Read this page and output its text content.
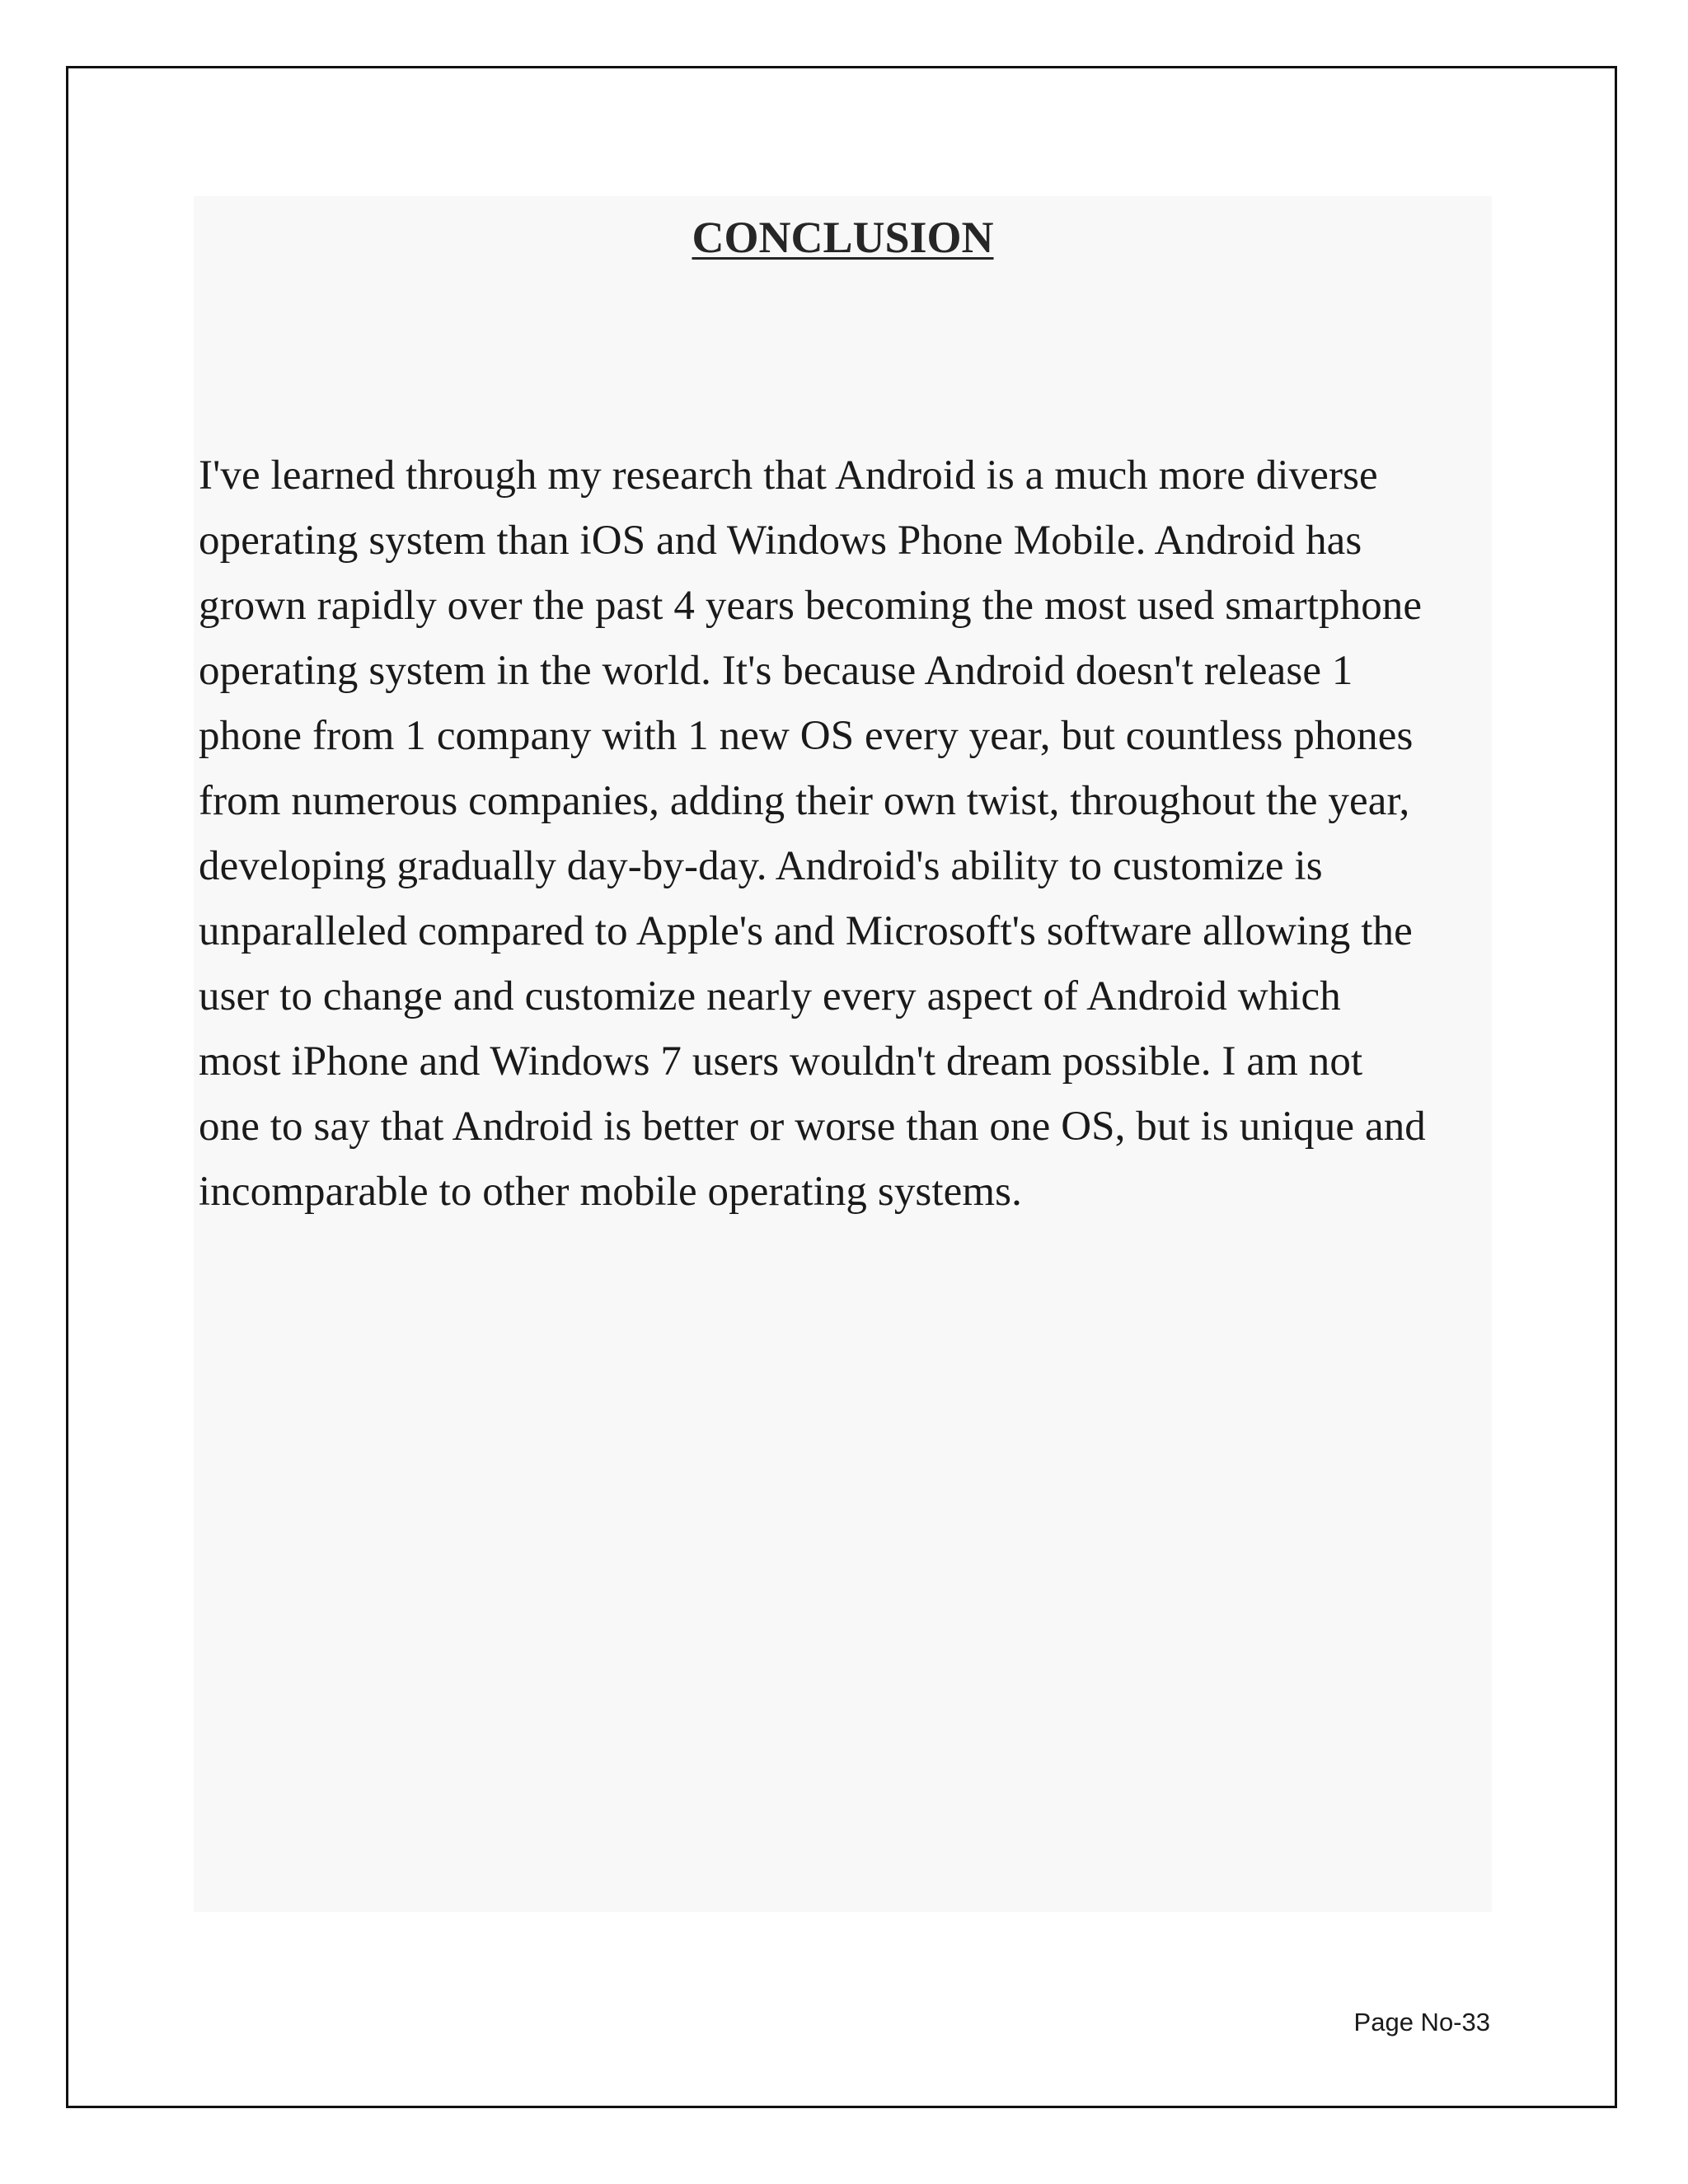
CONCLUSION
I've learned through my research that Android is a much more diverse
operating system than iOS and Windows Phone Mobile. Android has
grown rapidly over the past 4 years becoming the most used smartphone
operating system in the world. It's because Android doesn't release 1
phone from 1 company with 1 new OS every year, but countless phones
from numerous companies, adding their own twist, throughout the year,
developing gradually day-by-day. Android's ability to customize is
unparalleled compared to Apple's and Microsoft's software allowing the
user to change and customize nearly every aspect of Android which
most iPhone and Windows 7 users wouldn't dream possible. I am not
one to say that Android is better or worse than one OS, but is unique and
incomparable to other mobile operating systems.
Page No-33
